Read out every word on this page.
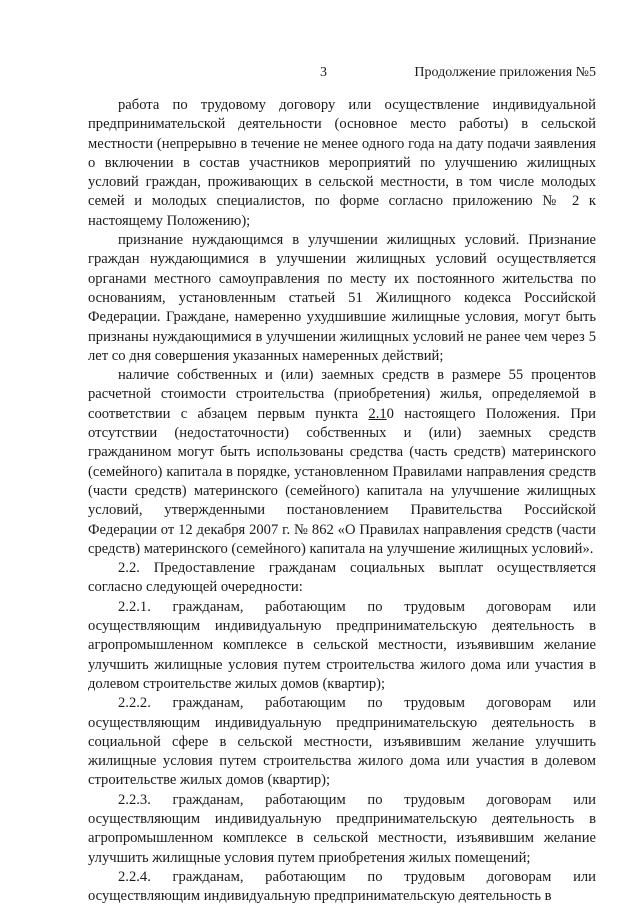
3	Продолжение приложения №5

работа по трудовому договору или осуществление индивидуальной предпринимательской деятельности (основное место работы) в сельской местности (непрерывно в течение не менее одного года на дату подачи заявления о включении в состав участников мероприятий по улучшению жилищных условий граждан, проживающих в сельской местности, в том числе молодых семей и молодых специалистов, по форме согласно приложению № 2 к настоящему Положению);

признание нуждающимся в улучшении жилищных условий. Признание граждан нуждающимися в улучшении жилищных условий осуществляется органами местного самоуправления по месту их постоянного жительства по основаниям, установленным статьей 51 Жилищного кодекса Российской Федерации. Граждане, намеренно ухудшившие жилищные условия, могут быть признаны нуждающимися в улучшении жилищных условий не ранее чем через 5 лет со дня совершения указанных намеренных действий;

наличие собственных и (или) заемных средств в размере 55 процентов расчетной стоимости строительства (приобретения) жилья, определяемой в соответствии с абзацем первым пункта 2.10 настоящего Положения. При отсутствии (недостаточности) собственных и (или) заемных средств гражданином могут быть использованы средства (часть средств) материнского (семейного) капитала в порядке, установленном Правилами направления средств (части средств) материнского (семейного) капитала на улучшение жилищных условий, утвержденными постановлением Правительства Российской Федерации от 12 декабря 2007 г. № 862 «О Правилах направления средств (части средств) материнского (семейного) капитала на улучшение жилищных условий».

2.2. Предоставление гражданам социальных выплат осуществляется согласно следующей очередности:

2.2.1. гражданам, работающим по трудовым договорам или осуществляющим индивидуальную предпринимательскую деятельность в агропромышленном комплексе в сельской местности, изъявившим желание улучшить жилищные условия путем строительства жилого дома или участия в долевом строительстве жилых домов (квартир);

2.2.2. гражданам, работающим по трудовым договорам или осуществляющим индивидуальную предпринимательскую деятельность в социальной сфере в сельской местности, изъявившим желание улучшить жилищные условия путем строительства жилого дома или участия в долевом строительстве жилых домов (квартир);

2.2.3. гражданам, работающим по трудовым договорам или осуществляющим индивидуальную предпринимательскую деятельность в агропромышленном комплексе в сельской местности, изъявившим желание улучшить жилищные условия путем приобретения жилых помещений;

2.2.4. гражданам, работающим по трудовым договорам или осуществляющим индивидуальную предпринимательскую деятельность в
